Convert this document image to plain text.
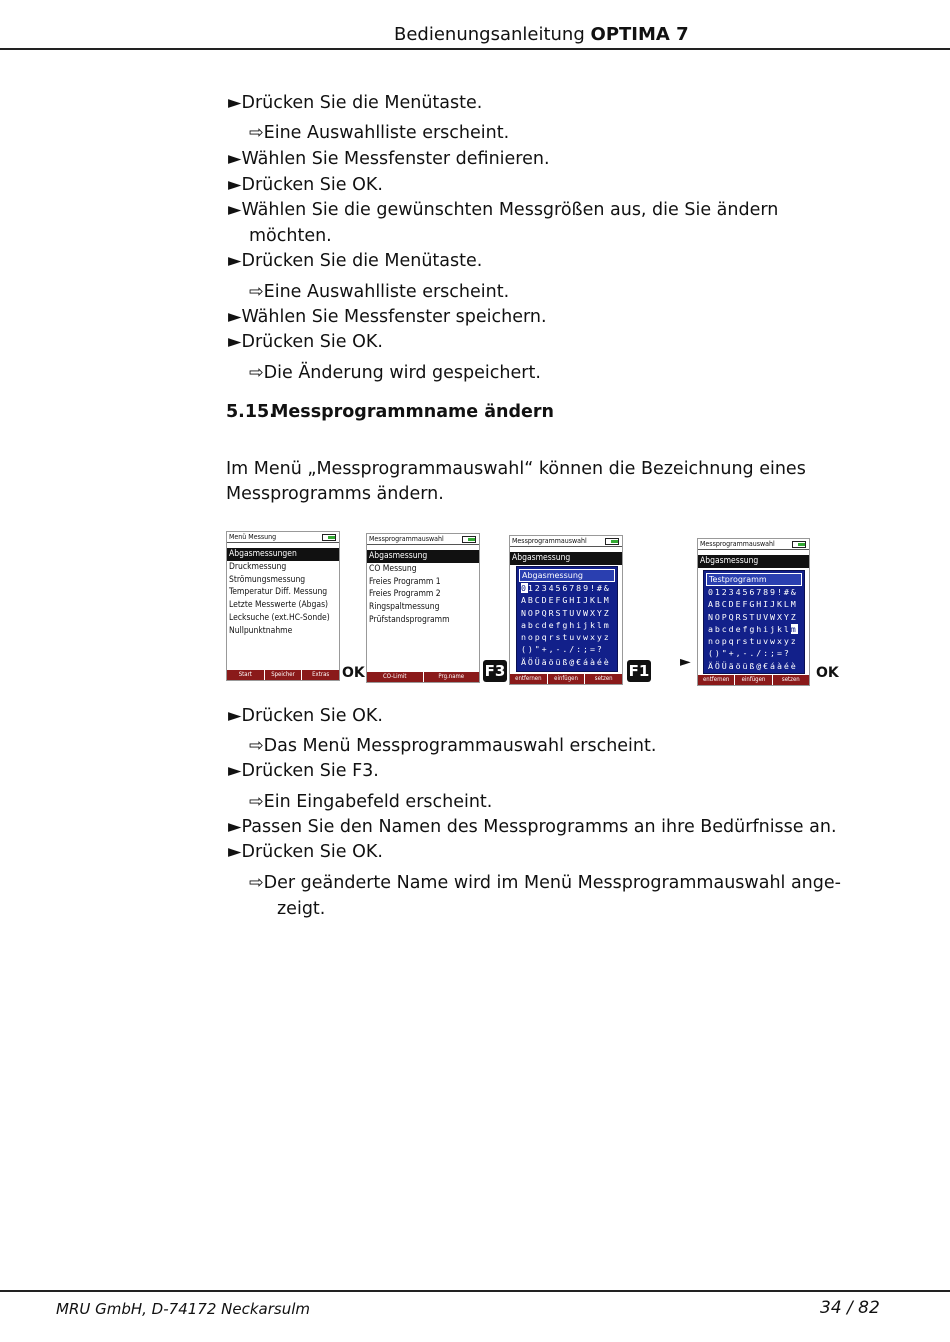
Bedienungsanleitung OPTIMA 7
►Drücken Sie die Menütaste.
⇨Eine Auswahlliste erscheint.
►Wählen Sie Messfenster definieren.
►Drücken Sie OK.
►Wählen Sie die gewünschten Messgrößen aus, die Sie ändern
möchten.
►Drücken Sie die Menütaste.
⇨Eine Auswahlliste erscheint.
►Wählen Sie Messfenster speichern.
►Drücken Sie OK.
⇨Die Änderung wird gespeichert.
5.15.Messprogrammname ändern
Im Menü „Messprogrammauswahl“ können die Bezeichnung eines
Messprogramms ändern.
Menü Messung
Abgasmessungen
Druckmessung
Strömungsmessung
Temperatur Diff. Messung
Letzte Messwerte (Abgas)
Lecksuche (ext.HC-Sonde)
Nullpunktnahme
Start	Speicher	Extras OK
Messprogrammauswahl
Abgasmessung
CO Messung
Freies Programm 1
Freies Programm 2
Ringspaltmessung
Prüfstandsprogramm
CO-Limit	Prg.name	F3
Messprogrammauswahl
Abgasmessung
Abgasmessung
0123456789!#&
ABCDEFGHIJKLM
NOPQRSTUVWXYZ
abcdefghijklm
nopqrstuvwxyz
()"+,-./:;=?
ÄÖÜäöüß@€áàéè
entfernen	einfügen	setzen	F1 ►
Messprogrammauswahl
Abgasmessung
Testprogramm
0123456789!#&
ABCDEFGHIJKLM
NOPQRSTUVWXYZ
abcdefghijklm
nopqrstuvwxyz
()"+,-./:;=?
ÄÖÜäöüß@€áàéè
entfernen	einfügen	setzen	OK
►Drücken Sie OK.
⇨Das Menü Messprogrammauswahl erscheint.
►Drücken Sie F3.
⇨Ein Eingabefeld erscheint.
►Passen Sie den Namen des Messprogramms an ihre Bedürfnisse an.
►Drücken Sie OK.
⇨Der geänderte Name wird im Menü Messprogrammauswahl ange-
zeigt.
MRU GmbH, D-74172 Neckarsulm	34 / 82
